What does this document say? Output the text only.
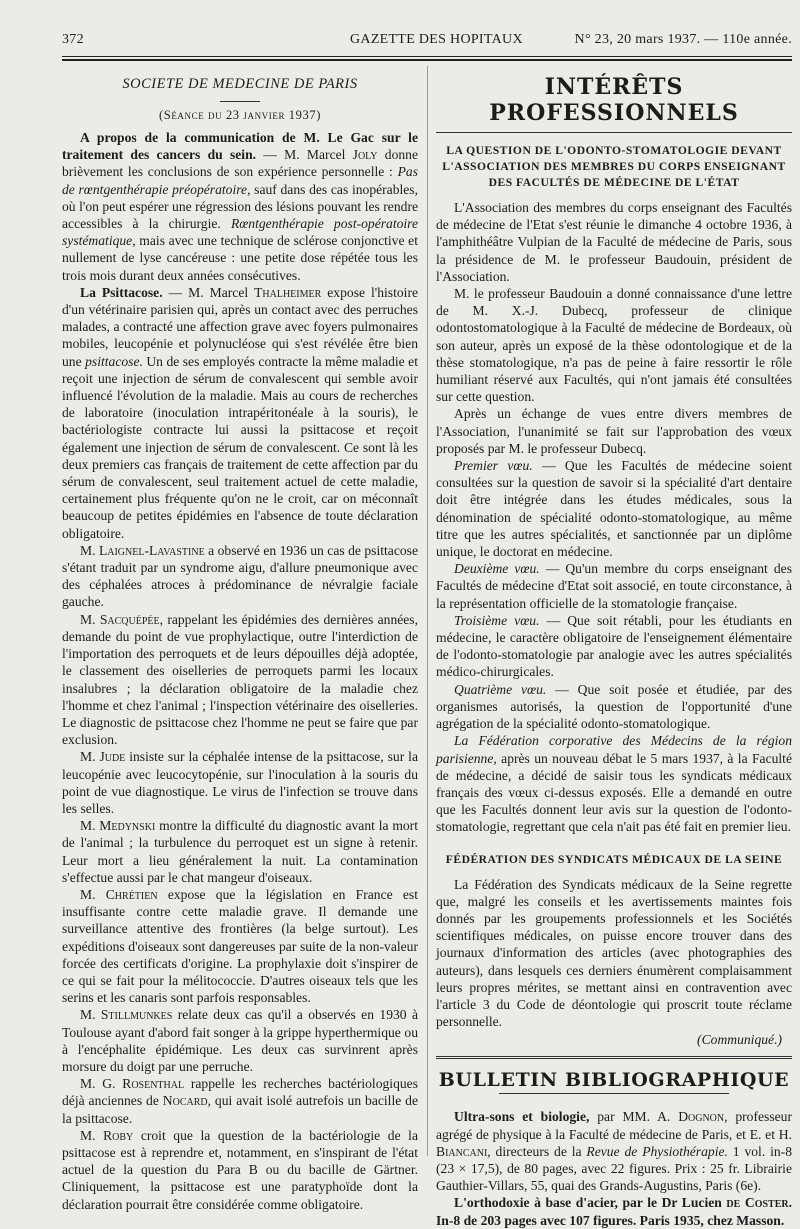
372	GAZETTE DES HOPITAUX	N° 23, 20 mars 1937. — 110e année.
SOCIETE DE MEDECINE DE PARIS
(Séance du 23 janvier 1937)

A propos de la communication de M. Le Gac sur le traitement des cancers du sein. — M. Marcel Joly donne brièvement les conclusions de son expérience personnelle : Pas de rœntgenthérapie préopératoire, sauf dans des cas inopérables, où l'on peut espérer une régression des lésions pouvant les rendre accessibles à la chirurgie. Rœntgenthérapie post-opératoire systématique, mais avec une technique de sclérose conjonctive et nullement de lyse cancéreuse : une petite dose répétée tous les trois mois durant deux années consécutives.

La Psittacose. — M. Marcel Thalheimer expose l'histoire d'un vétérinaire parisien qui, après un contact avec des perruches malades, a contracté une affection grave avec foyers pulmonaires mobiles, leucopénie et polynucléose qui s'est révélée être bien une psittacose. Un de ses employés contracte la même maladie et reçoit une injection de sérum de convalescent qui semble avoir influencé l'évolution de la maladie. Mais au cours de recherches de laboratoire (inoculation intrapéritonéale à la souris), le bactériologiste contracte lui aussi la psittacose et reçoit également une injection de sérum de convalescent. Ce sont là les deux premiers cas français de traitement de cette affection par du sérum de convalescent, seul traitement actuel de cette maladie, certainement plus fréquente qu'on ne le croit, car on méconnaît beaucoup de petites épidémies en l'absence de toute déclaration obligatoire.

M. Laignel-Lavastine a observé en 1936 un cas de psittacose s'étant traduit par un syndrome aigu, d'allure pneumonique avec des céphalées atroces à prédominance de névralgie faciale gauche.

M. Sacquépée, rappelant les épidémies des dernières années, demande du point de vue prophylactique, outre l'interdiction de l'importation des perroquets et de leurs dépouilles déjà adoptée, le classement des oiselleries de perroquets parmi les locaux insalubres ; la déclaration obligatoire de la maladie chez l'homme et chez l'animal ; l'inspection vétérinaire des oiselleries. Le diagnostic de psittacose chez l'homme ne peut se faire que par exclusion.

M. Jude insiste sur la céphalée intense de la psittacose, sur la leucopénie avec leucocytopénie, sur l'inoculation à la souris du point de vue diagnostique. Le virus de l'infection se trouve dans les selles.

M. Medynski montre la difficulté du diagnostic avant la mort de l'animal ; la turbulence du perroquet est un signe à retenir. Leur mort a lieu généralement la nuit. La contamination s'effectue aussi par le chat mangeur d'oiseaux.

M. Chrétien expose que la législation en France est insuffisante contre cette maladie grave. Il demande une surveillance attentive des frontières (la belge surtout). Les expéditions d'oiseaux sont dangereuses par suite de la non-valeur forcée des certificats d'origine. La prophylaxie doit s'inspirer de ce qui se fait pour la mélitococcie. D'autres oiseaux tels que les serins et les canaris sont parfois responsables.

M. Stillmunkes relate deux cas qu'il a observés en 1930 à Toulouse ayant d'abord fait songer à la grippe hyperthermique ou à l'encéphalite épidémique. Les deux cas survinrent après morsure du doigt par une perruche.

M. G. Rosenthal rappelle les recherches bactériologiques déjà anciennes de Nocard, qui avait isolé autrefois un bacille de la psittacose.

M. Roby croit que la question de la bactériologie de la psittacose est à reprendre et, notamment, en s'inspirant de l'état actuel de la question du Para B ou du bacille de Gärtner. Cliniquement, la psittacose est une paratyphoïde dont la déclaration pourrait être considérée comme obligatoire.

INTÉRÊTS PROFESSIONNELS
LA QUESTION DE L'ODONTO-STOMATOLOGIE DEVANT L'ASSOCIATION DES MEMBRES DU CORPS ENSEIGNANT DES FACULTÉS DE MÉDECINE DE L'ÉTAT

L'Association des membres du corps enseignant des Facultés de médecine de l'Etat s'est réunie le dimanche 4 octobre 1936, à l'amphithéâtre Vulpian de la Faculté de médecine de Paris, sous la présidence de M. le professeur Baudouin, président de l'Association.

M. le professeur Baudouin a donné connaissance d'une lettre de M. X.-J. Dubecq, professeur de clinique odontostomatologique à la Faculté de médecine de Bordeaux, où son auteur, après un exposé de la thèse odontologique et de la thèse stomatologique, n'a pas de peine à faire ressortir le rôle humiliant réservé aux Facultés, qui n'ont jamais été consultées sur cette question.

Après un échange de vues entre divers membres de l'Association, l'unanimité se fait sur l'approbation des vœux proposés par M. le professeur Dubecq.

Premier vœu. — Que les Facultés de médecine soient consultées sur la question de savoir si la spécialité d'art dentaire doit être intégrée dans les études médicales, sous la dénomination de spécialité odonto-stomatologique, au même titre que les autres spécialités, et sanctionnée par un diplôme unique, le doctorat en médecine.

Deuxième vœu. — Qu'un membre du corps enseignant des Facultés de médecine d'Etat soit associé, en toute circonstance, à la représentation officielle de la stomatologie française.

Troisième vœu. — Que soit rétabli, pour les étudiants en médecine, le caractère obligatoire de l'enseignement élémentaire de l'odonto-stomatologie par analogie avec les autres spécialités médico-chirurgicales.

Quatrième vœu. — Que soit posée et étudiée, par des organismes autorisés, la question de l'opportunité d'une agrégation de la spécialité odonto-stomatologique.

La Fédération corporative des Médecins de la région parisienne, après un nouveau débat le 5 mars 1937, à la Faculté de médecine, a décidé de saisir tous les syndicats médicaux français des vœux ci-dessus exposés. Elle a demandé en outre que les Facultés donnent leur avis sur la question de l'odonto-stomatologie, regrettant que cela n'ait pas été fait en premier lieu.

FÉDÉRATION DES SYNDICATS MÉDICAUX DE LA SEINE

La Fédération des Syndicats médicaux de la Seine regrette que, malgré les conseils et les avertissements maintes fois donnés par les groupements professionnels et les Sociétés scientifiques médicales, on puisse encore trouver dans des journaux d'information des articles (avec photographies des auteurs), dans lesquels ces derniers énumèrent complaisamment leurs propres mérites, se mettant ainsi en contravention avec l'article 3 du Code de déontologie qui proscrit toute réclame personnelle.

(Communiqué.)
BULLETIN BIBLIOGRAPHIQUE

Ultra-sons et biologie, par MM. A. Dognon, professeur agrégé de physique à la Faculté de médecine de Paris, et E. et H. Biancani, directeurs de la Revue de Physiothérapie. 1 vol. in-8 (23 × 17,5), de 80 pages, avec 22 figures. Prix : 25 fr. Librairie Gauthier-Villars, 55, quai des Grands-Augustins, Paris (6e).

L'orthodoxie à base d'acier, par le Dr Lucien de Coster. In-8 de 203 pages avec 107 figures. Paris 1935, chez Masson.
